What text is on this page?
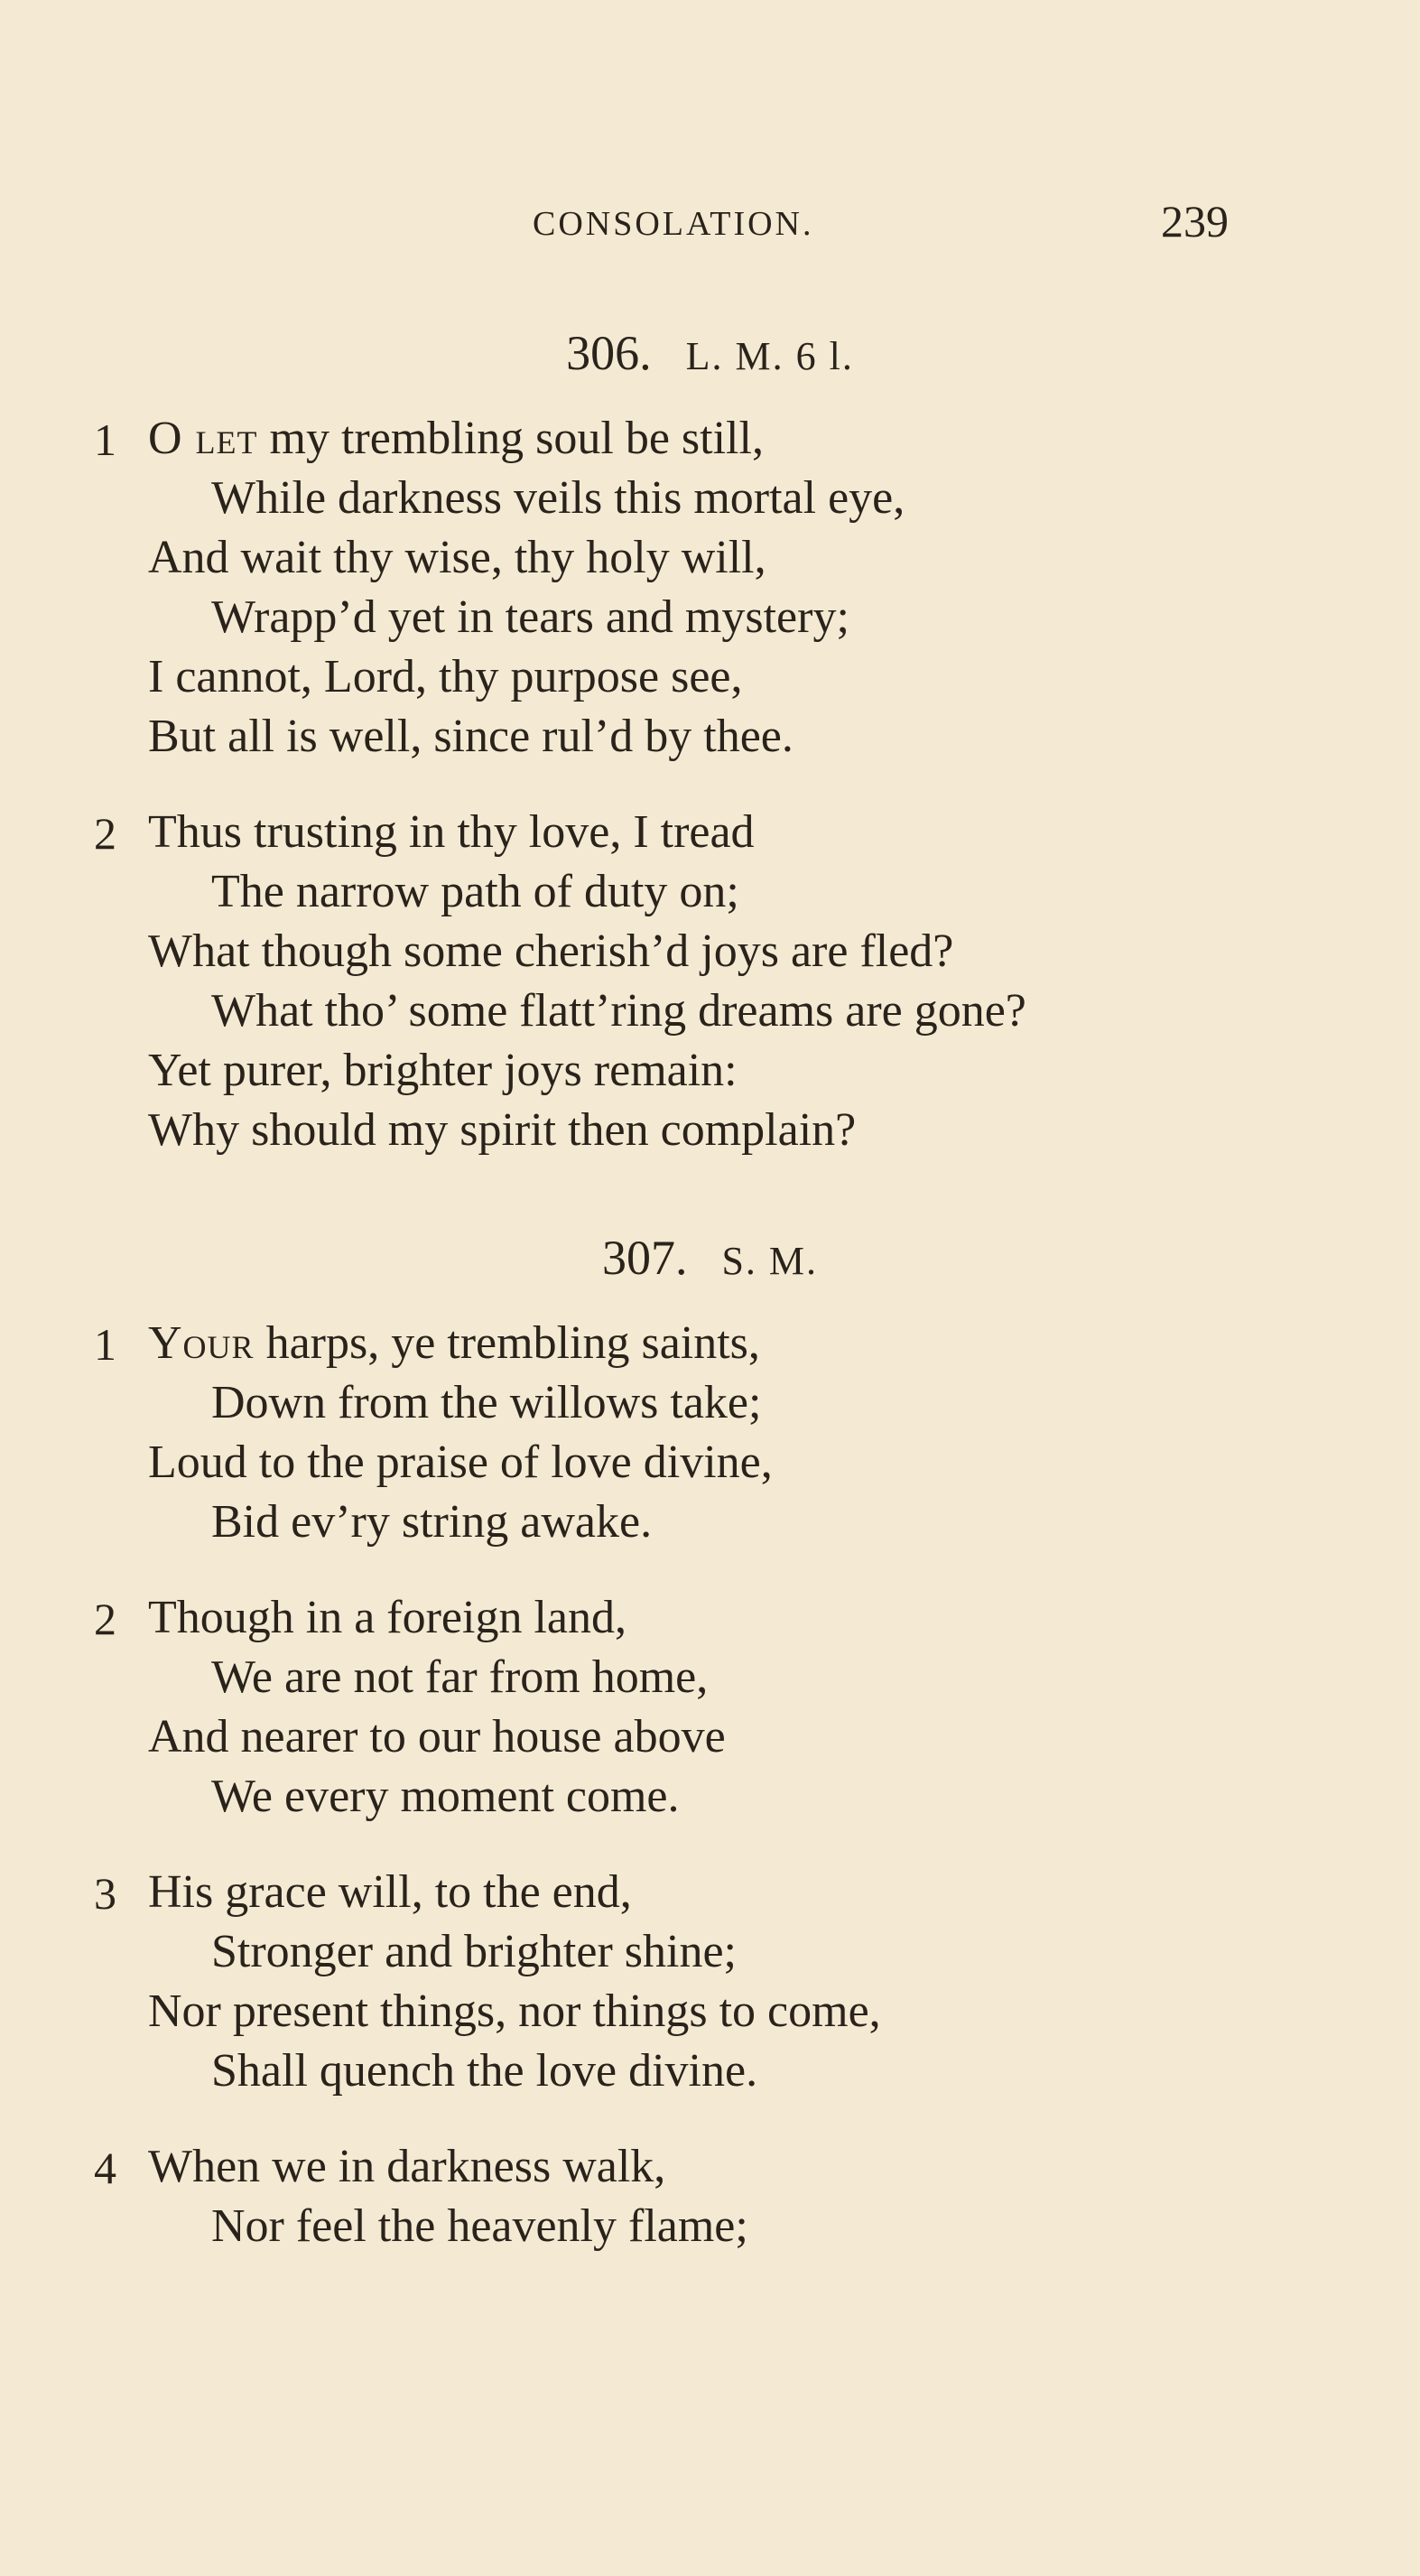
CONSOLATION.	239
306. L. M. 6 l.
1 O let my trembling soul be still,
While darkness veils this mortal eye,
And wait thy wise, thy holy will,
Wrapp’d yet in tears and mystery;
I cannot, Lord, thy purpose see,
But all is well, since rul’d by thee.
2 Thus trusting in thy love, I tread
The narrow path of duty on;
What though some cherish’d joys are fled?
What tho’ some flatt’ring dreams are gone?
Yet purer, brighter joys remain:
Why should my spirit then complain?
307. S. M.
1 Your harps, ye trembling saints,
Down from the willows take;
Loud to the praise of love divine,
Bid ev’ry string awake.
2 Though in a foreign land,
We are not far from home,
And nearer to our house above
We every moment come.
3 His grace will, to the end,
Stronger and brighter shine;
Nor present things, nor things to come,
Shall quench the love divine.
4 When we in darkness walk,
Nor feel the heavenly flame;
